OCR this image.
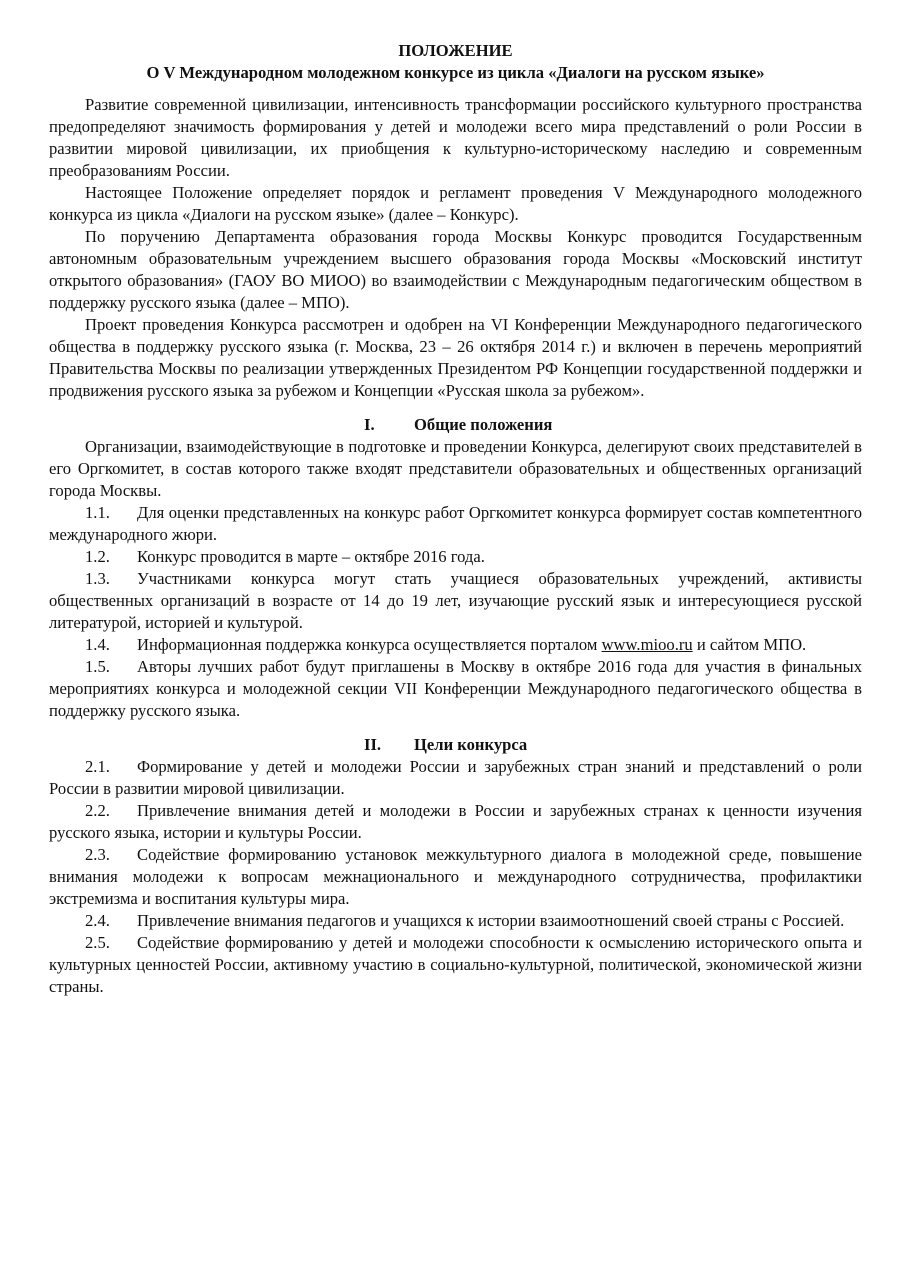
ПОЛОЖЕНИЕ
О V Международном молодежном конкурсе из цикла «Диалоги на русском языке»

Развитие современной цивилизации, интенсивность трансформации российского культурного пространства предопределяют значимость формирования у детей и молодежи всего мира представлений о роли России в развитии мировой цивилизации, их приобщения к культурно-историческому наследию и современным преобразованиям России.

Настоящее Положение определяет порядок и регламент проведения V Международного молодежного конкурса из цикла «Диалоги на русском языке» (далее – Конкурс).

По поручению Департамента образования города Москвы Конкурс проводится Государственным автономным образовательным учреждением высшего образования города Москвы «Московский институт открытого образования» (ГАОУ ВО МИОО) во взаимодействии с Международным педагогическим обществом в поддержку русского языка (далее – МПО).

Проект проведения Конкурса рассмотрен и одобрен на VI Конференции Международного педагогического общества в поддержку русского языка (г. Москва, 23 – 26 октября 2014 г.) и включен в перечень мероприятий Правительства Москвы по реализации утвержденных Президентом РФ Концепции государственной поддержки и продвижения русского языка за рубежом и Концепции «Русская школа за рубежом».

I. Общие положения

Организации, взаимодействующие в подготовке и проведении Конкурса, делегируют своих представителей в его Оргкомитет, в состав которого также входят представители образовательных и общественных организаций города Москвы.

1.1. Для оценки представленных на конкурс работ Оргкомитет конкурса формирует состав компетентного международного жюри.

1.2. Конкурс проводится в марте – октябре 2016 года.

1.3. Участниками конкурса могут стать учащиеся образовательных учреждений, активисты общественных организаций в возрасте от 14 до 19 лет, изучающие русский язык и интересующиеся русской литературой, историей и культурой.

1.4. Информационная поддержка конкурса осуществляется порталом www.mioo.ru и сайтом МПО.

1.5. Авторы лучших работ будут приглашены в Москву в октябре 2016 года для участия в финальных мероприятиях конкурса и молодежной секции VII Конференции Международного педагогического общества в поддержку русского языка.

II. Цели конкурса

2.1. Формирование у детей и молодежи России и зарубежных стран знаний и представлений о роли России в развитии мировой цивилизации.

2.2. Привлечение внимания детей и молодежи в России и зарубежных странах к ценности изучения русского языка, истории и культуры России.

2.3. Содействие формированию установок межкультурного диалога в молодежной среде, повышение внимания молодежи к вопросам межнационального и международного сотрудничества, профилактики экстремизма и воспитания культуры мира.

2.4. Привлечение внимания педагогов и учащихся к истории взаимоотношений своей страны с Россией.

2.5. Содействие формированию у детей и молодежи способности к осмыслению исторического опыта и культурных ценностей России, активному участию в социально-культурной, политической, экономической жизни страны.
